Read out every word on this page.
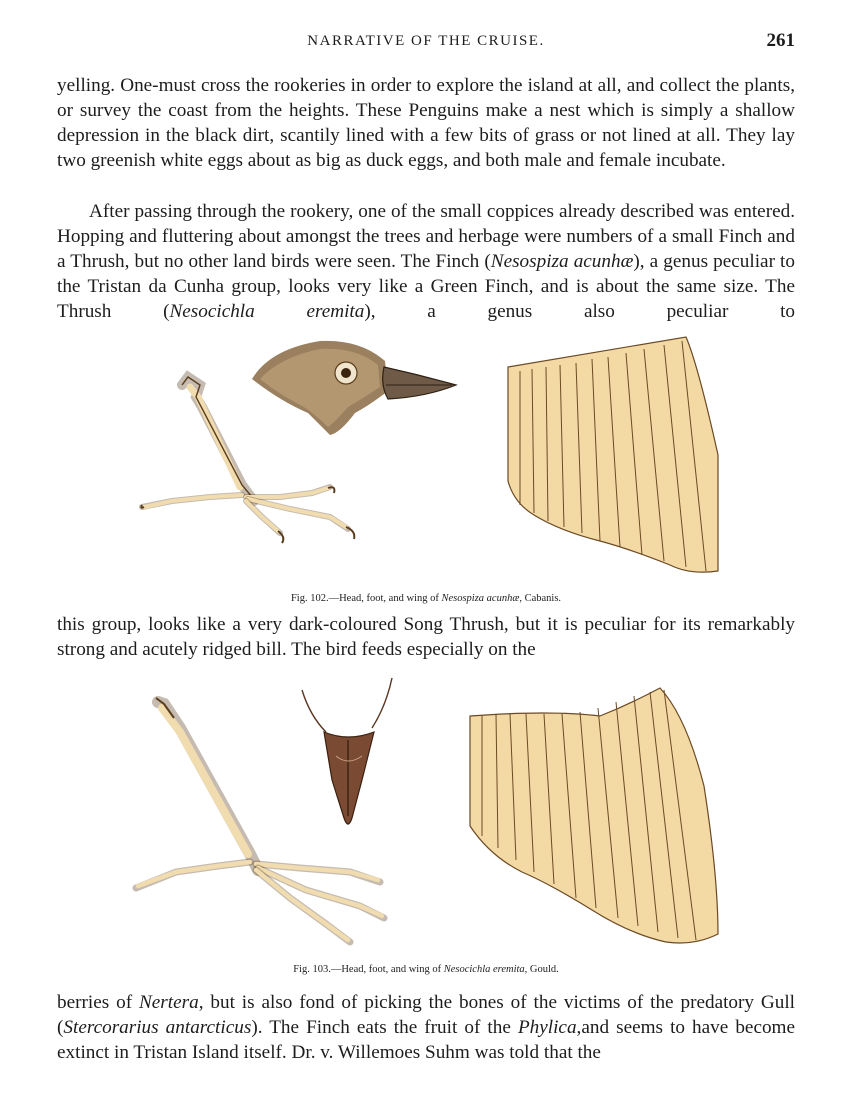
NARRATIVE OF THE CRUISE.	261

yelling. One-must cross the rookeries in order to explore the island at all, and collect the plants, or survey the coast from the heights. These Penguins make a nest which is simply a shallow depression in the black dirt, scantily lined with a few bits of grass or not lined at all. They lay two greenish white eggs about as big as duck eggs, and both male and female incubate.

After passing through the rookery, one of the small coppices already described was entered. Hopping and fluttering about amongst the trees and herbage were numbers of a small Finch and a Thrush, but no other land birds were seen. The Finch (Nesospiza acunhæ), a genus peculiar to the Tristan da Cunha group, looks very like a Green Finch, and is about the same size. The Thrush (Nesocichla eremita), a genus also peculiar to

Fig. 102.—Head, foot, and wing of Nesospiza acunhæ, Cabanis.

this group, looks like a very dark-coloured Song Thrush, but it is peculiar for its remarkably strong and acutely ridged bill. The bird feeds especially on the

Fig. 103.—Head, foot, and wing of Nesocichla eremita, Gould.

berries of Nertera, but is also fond of picking the bones of the victims of the predatory Gull (Stercorarius antarcticus). The Finch eats the fruit of the Phylica,and seems to have become extinct in Tristan Island itself. Dr. v. Willemoes Suhm was told that the
